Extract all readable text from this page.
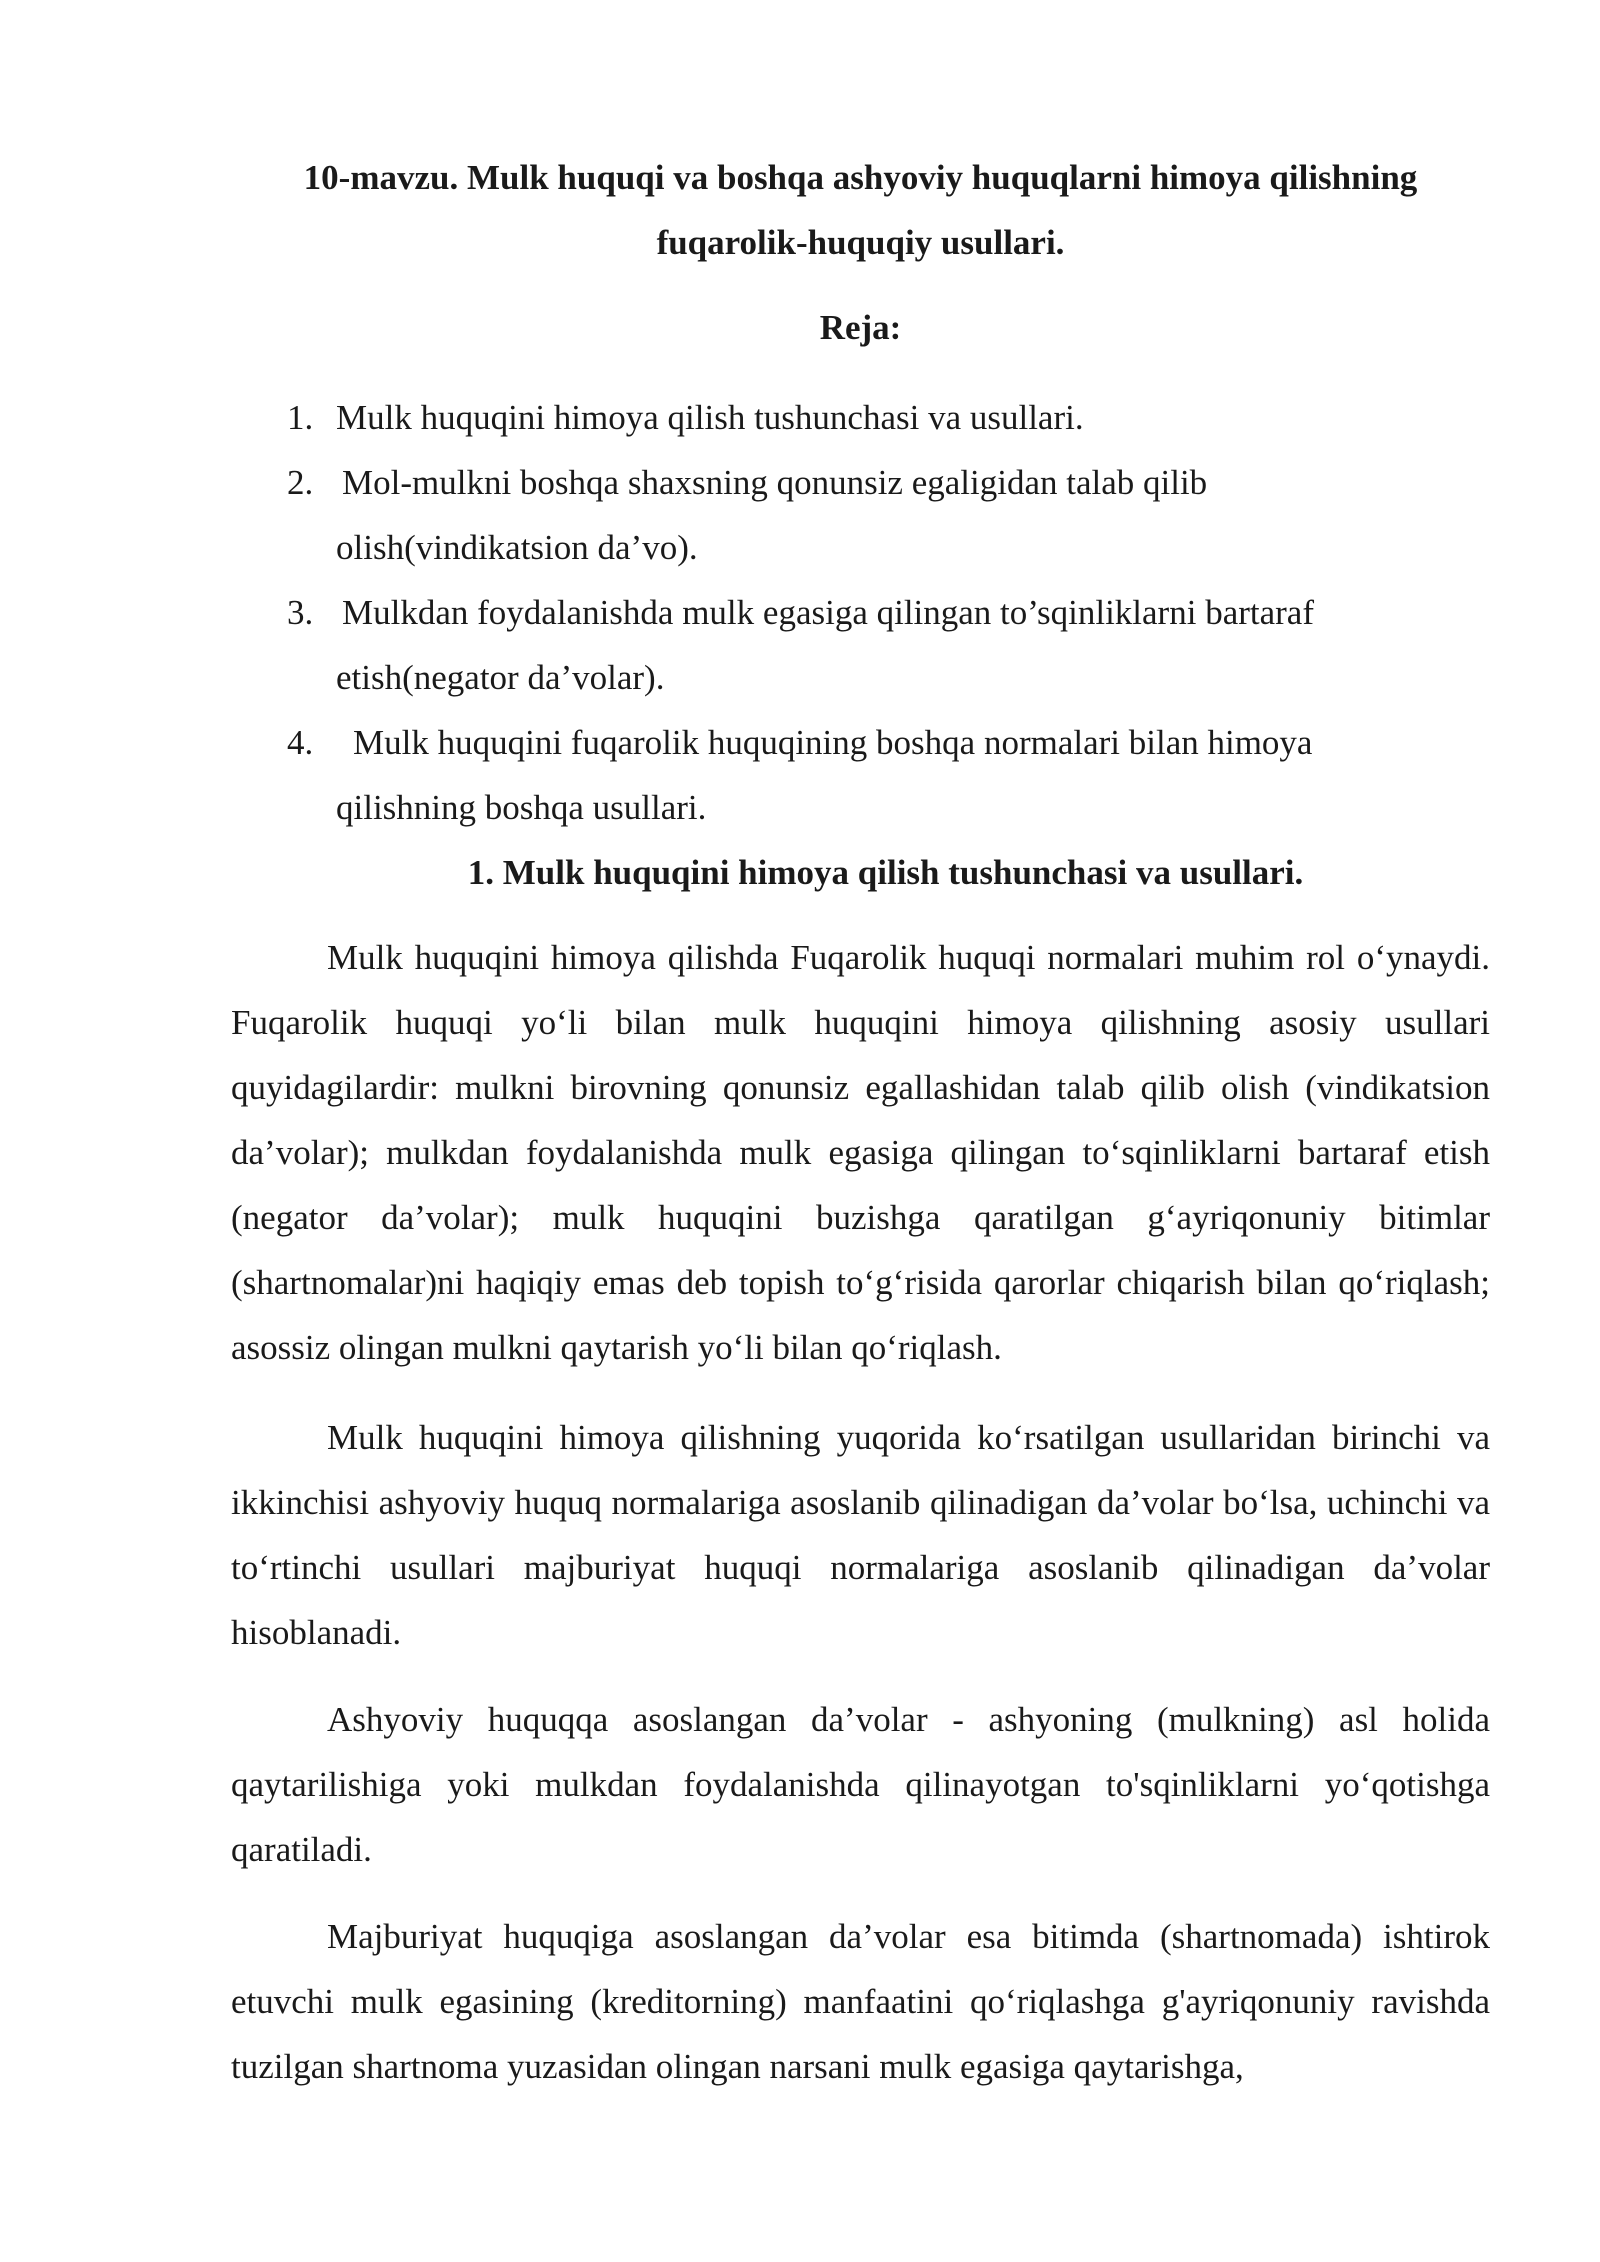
10-mavzu. Mulk huquqi va boshqa ashyoviy huquqlarni himoya qilishning
fuqarolik-huquqiy usullari.

Reja:

1. Mulk huquqini himoya qilish tushunchasi va usullari.
2. Mol-mulkni boshqa shaxsning qonunsiz egaligidan talab qilib olish(vindikatsion da’vo).
3. Mulkdan foydalanishda mulk egasiga qilingan to’sqinliklarni bartaraf etish(negator da’volar).
4.	Mulk huquqini fuqarolik huquqining boshqa normalari bilan himoya qilishning boshqa usullari.

1. Mulk huquqini himoya qilish tushunchasi va usullari.

Mulk huquqini himoya qilishda Fuqarolik huquqi normalari muhim rol o‘ynaydi. Fuqarolik huquqi yo‘li bilan mulk huquqini himoya qilishning asosiy usullari quyidagilardir: mulkni birovning qonunsiz egallashidan talab qilib olish (vindikatsion da’volar); mulkdan foydalanishda mulk egasiga qilingan to‘sqinliklarni bartaraf etish (negator da’volar); mulk huquqini buzishga qaratilgan g‘ayriqonuniy bitimlar (shartnomalar)ni haqiqiy emas deb topish to‘g‘risida qarorlar chiqarish bilan qo‘riqlash; asossiz olingan mulkni qaytarish yo‘li bilan qo‘riqlash.

Mulk huquqini himoya qilishning yuqorida ko‘rsatilgan usullaridan birinchi va ikkinchisi ashyoviy huquq normalariga asoslanib qilinadigan da’volar bo‘lsa, uchinchi va to‘rtinchi usullari majburiyat huquqi normalariga asoslanib qilinadigan da’volar hisoblanadi.

Ashyoviy huquqqa asoslangan da’volar - ashyoning (mulkning) asl holida qaytarilishiga yoki mulkdan foydalanishda qilinayotgan to'sqinliklarni yo‘qotishga qaratiladi.

Majburiyat huquqiga asoslangan da’volar esa bitimda (shartnomada) ishtirok etuvchi mulk egasining (kreditorning) manfaatini qo‘riqlashga g'ayriqonuniy ravishda tuzilgan shartnoma yuzasidan olingan narsani mulk egasiga qaytarishga,
